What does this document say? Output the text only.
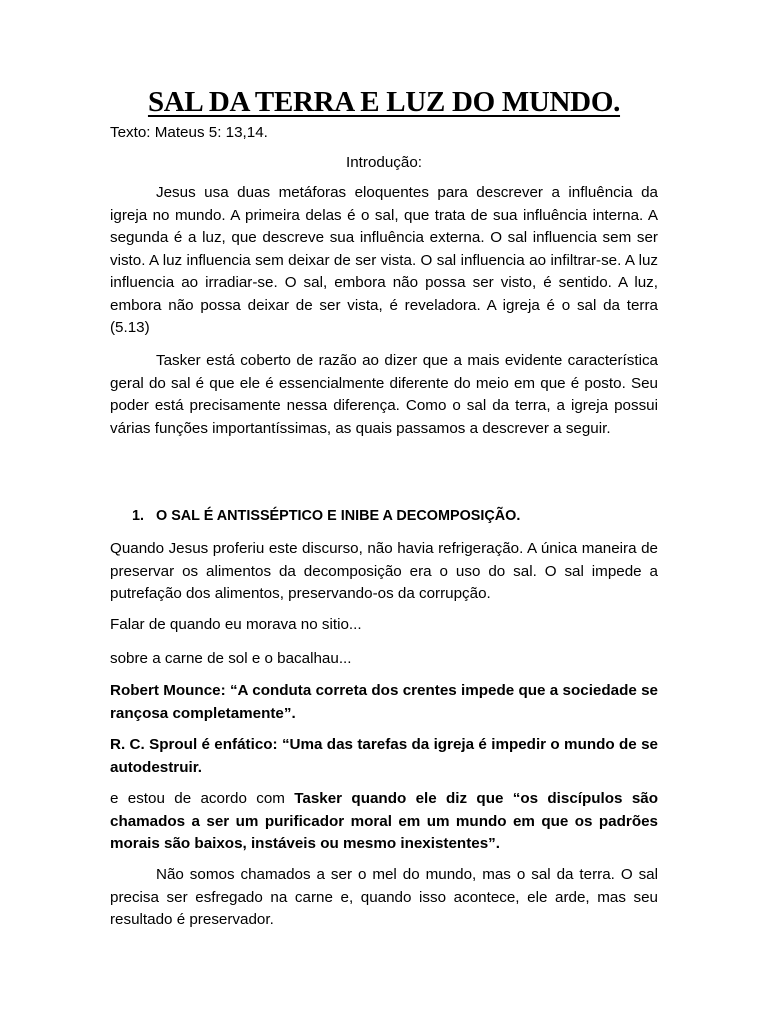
SAL DA TERRA E LUZ DO MUNDO.
Texto: Mateus 5: 13,14.
Introdução:
Jesus usa duas metáforas eloquentes para descrever a influência da igreja no mundo. A primeira delas é o sal, que trata de sua influência interna. A segunda é a luz, que descreve sua influência externa. O sal influencia sem ser visto. A luz influencia sem deixar de ser vista. O sal influencia ao infiltrar-se. A luz influencia ao irradiar-se. O sal, embora não possa ser visto, é sentido. A luz, embora não possa deixar de ser vista, é reveladora. A igreja é o sal da terra (5.13)
Tasker está coberto de razão ao dizer que a mais evidente característica geral do sal é que ele é essencialmente diferente do meio em que é posto. Seu poder está precisamente nessa diferença. Como o sal da terra, a igreja possui várias funções importantíssimas, as quais passamos a descrever a seguir.
1. O SAL É ANTISSÉPTICO E INIBE A DECOMPOSIÇÃO.
Quando Jesus proferiu este discurso, não havia refrigeração. A única maneira de preservar os alimentos da decomposição era o uso do sal. O sal impede a putrefação dos alimentos, preservando-os da corrupção.
Falar de quando eu morava no sitio...
sobre a carne de sol e o bacalhau...
Robert Mounce: “A conduta correta dos crentes impede que a sociedade se rançosa completamente”.
R. C. Sproul é enfático: “Uma das tarefas da igreja é impedir o mundo de se autodestruir.
e estou de acordo com Tasker quando ele diz que “os discípulos são chamados a ser um purificador moral em um mundo em que os padrões morais são baixos, instáveis ou mesmo inexistentes”.
Não somos chamados a ser o mel do mundo, mas o sal da terra. O sal precisa ser esfregado na carne e, quando isso acontece, ele arde, mas seu resultado é preservador.
